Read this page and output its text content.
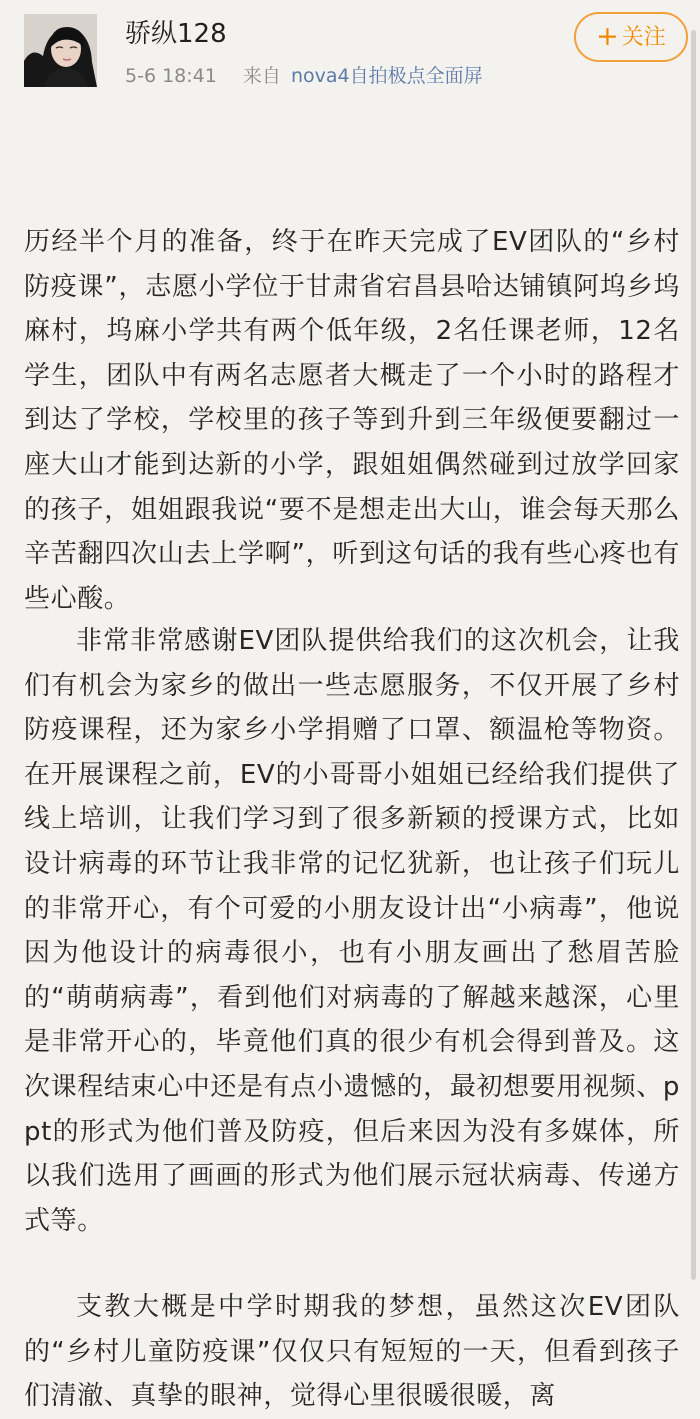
骄纵128
5-6 18:41 来自 nova4自拍极点全面屏
+ 关注

历经半个月的准备，终于在昨天完成了EV团队的“乡村防疫课”，志愿小学位于甘肃省宕昌县哈达铺镇阿坞乡坞麻村，坞麻小学共有两个低年级，2名任课老师，12名学生，团队中有两名志愿者大概走了一个小时的路程才到达了学校，学校里的孩子等到升到三年级便要翻过一座大山才能到达新的小学，跟姐姐偶然碰到过放学回家的孩子，姐姐跟我说“要不是想走出大山，谁会每天那么辛苦翻四次山去上学啊”，听到这句话的我有些心疼也有些心酸。

非常非常感谢EV团队提供给我们的这次机会，让我们有机会为家乡的做出一些志愿服务，不仅开展了乡村防疫课程，还为家乡小学捐赠了口罩、额温枪等物资。在开展课程之前，EV的小哥哥小姐姐已经给我们提供了线上培训，让我们学习到了很多新颖的授课方式，比如设计病毒的环节让我非常的记忆犹新，也让孩子们玩儿的非常开心，有个可爱的小朋友设计出“小病毒”，他说因为他设计的病毒很小，也有小朋友画出了愁眉苦脸的“萌萌病毒”，看到他们对病毒的了解越来越深，心里是非常开心的，毕竟他们真的很少有机会得到普及。这次课程结束心中还是有点小遗憾的，最初想要用视频、ppt的形式为他们普及防疫，但后来因为没有多媒体，所以我们选用了画画的形式为他们展示冠状病毒、传递方式等。

支教大概是中学时期我的梦想，虽然这次EV团队的“乡村儿童防疫课”仅仅只有短短的一天，但看到孩子们清澈、真挚的眼神，觉得心里很暖很暖，离
